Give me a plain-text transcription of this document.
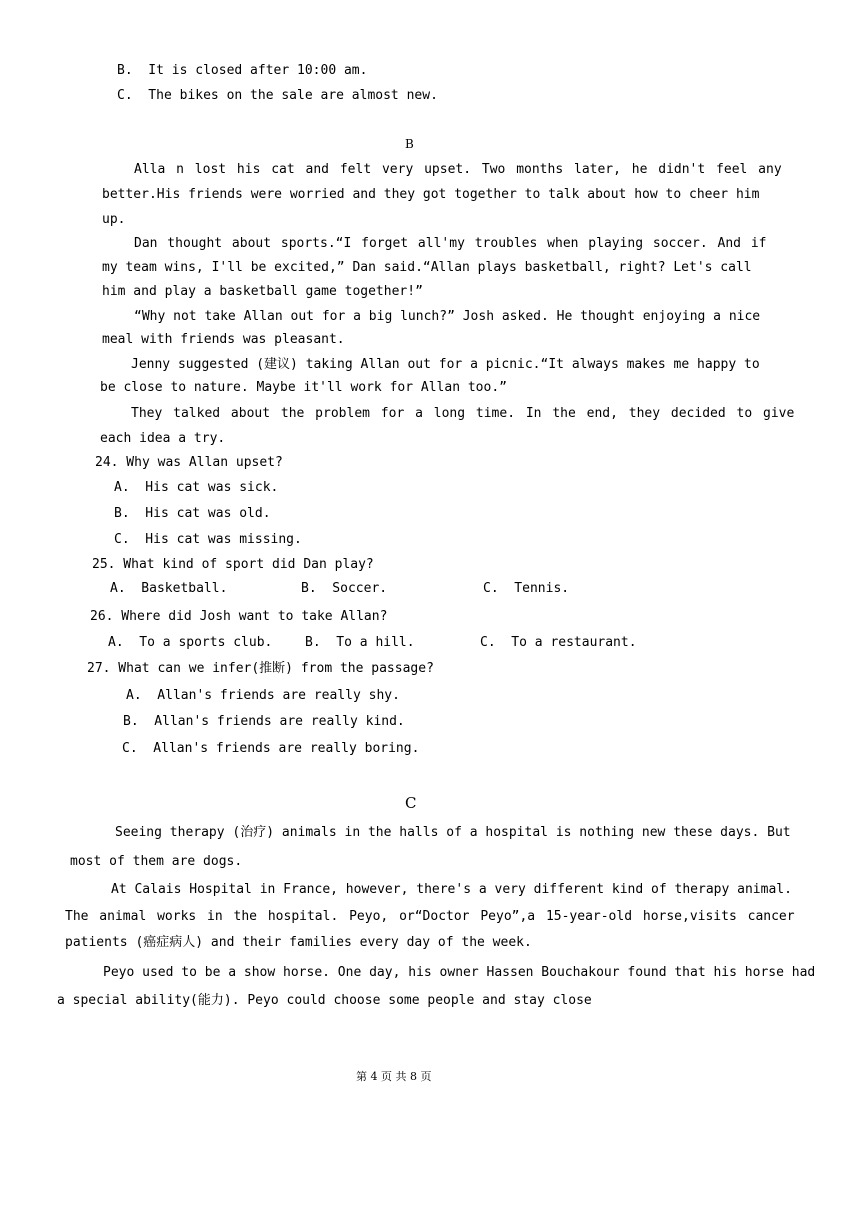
B.  It is closed after 10:00 am.
C.  The bikes on the sale are almost new.
B
Alla n lost his cat and felt very upset. Two months later, he didn't feel any
better.His friends were worried and they got together to talk about how to cheer him
up.
Dan thought about sports.“I forget all'my troubles when playing soccer. And if
my team wins, I'll be excited,” Dan said.“Allan plays basketball, right? Let's call
him and play a basketball game together!”
“Why not take Allan out for a big lunch?” Josh asked. He thought enjoying a nice
meal with friends was pleasant.
Jenny suggested (建议) taking Allan out for a picnic.“It always makes me happy to
be close to nature. Maybe it'll work for Allan too.”
They talked about the problem for a long time. In the end, they decided to give
each idea a try.
24. Why was Allan upset?
A.  His cat was sick.
B.  His cat was old.
C.  His cat was missing.
25. What kind of sport did Dan play?
A.  Basketball.	B.  Soccer.	C.  Tennis.
26. Where did Josh want to take Allan?
A.  To a sports club.	B.  To a hill.	C.  To a restaurant.
27. What can we infer(推断) from the passage?
A.  Allan's friends are really shy.
B.  Allan's friends are really kind.
C.  Allan's friends are really boring.
C
Seeing therapy (治疗) animals in the halls of a hospital is nothing new these days. But
most of them are dogs.
At Calais Hospital in France, however, there's a very different kind of therapy animal.
The animal works in the hospital. Peyo, or“Doctor Peyo”,a 15-year-old horse,visits cancer
patients (癌症病人) and their families every day of the week.
Peyo used to be a show horse. One day, his owner Hassen Bouchakour found that his horse had
a special ability(能力). Peyo could choose some people and stay close
第 4 页 共 8 页
